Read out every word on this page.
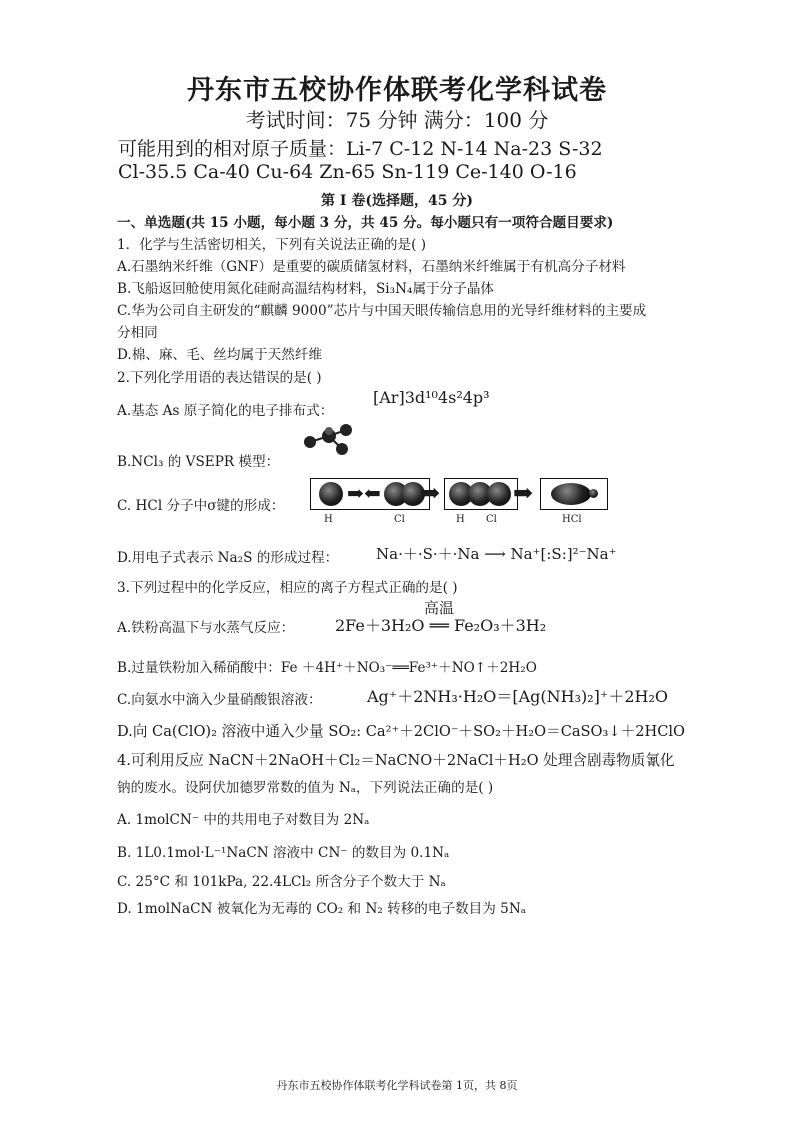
丹东市五校协作体联考化学科试卷
考试时间：75 分钟 满分：100 分
可能用到的相对原子质量：Li-7 C-12 N-14 Na-23 S-32
Cl-35.5 Ca-40 Cu-64 Zn-65 Sn-119 Ce-140 O-16
第 I 卷(选择题，45 分)
一、单选题(共 15 小题，每小题 3 分，共 45 分。每小题只有一项符合题目要求)
1．化学与生活密切相关，下列有关说法正确的是( )
A.石墨纳米纤维（GNF）是重要的碳质储氢材料，石墨纳米纤维属于有机高分子材料
B.飞船返回舱使用氮化硅耐高温结构材料，Si₃N₄属于分子晶体
C.华为公司自主研发的“麒麟 9000”芯片与中国天眼传输信息用的光导纤维材料的主要成
分相同
D.棉、麻、毛、丝均属于天然纤维
2.下列化学用语的表达错误的是( )
A.基态 As 原子简化的电子排布式：
[Ar]3d¹⁰4s²4p³
B.NCl₃ 的 VSEPR 模型：
C. HCl 分子中σ键的形成：
➡ ⬅ ➡	➡
H	Cl	H Cl	HCl
D.用电子式表示 Na₂S 的形成过程：	Na·＋·S·＋·Na ⟶ Na⁺[:S:]²⁻Na⁺
3.下列过程中的化学反应，相应的离子方程式正确的是( )
A.铁粉高温下与水蒸气反应：
高温
2Fe＋3H₂O ══ Fe₂O₃＋3H₂
B.过量铁粉加入稀硝酸中：Fe ＋4H⁺＋NO₃⁻══Fe³⁺＋NO↑＋2H₂O
C.向氨水中滴入少量硝酸银溶液：	Ag⁺＋2NH₃·H₂O＝[Ag(NH₃)₂]⁺＋2H₂O
D.向 Ca(ClO)₂ 溶液中通入少量 SO₂: Ca²⁺＋2ClO⁻＋SO₂＋H₂O＝CaSO₃↓＋2HClO
4.可利用反应 NaCN＋2NaOH＋Cl₂＝NaCNO＋2NaCl＋H₂O 处理含剧毒物质氰化
钠的废水。设阿伏加德罗常数的值为 Nₐ，下列说法正确的是( )
A. 1molCN⁻ 中的共用电子对数目为 2Nₐ
B. 1L0.1mol·L⁻¹NaCN 溶液中 CN⁻ 的数目为 0.1Nₐ
C. 25°C 和 101kPa, 22.4LCl₂ 所含分子个数大于 Nₐ
D. 1molNaCN 被氧化为无毒的 CO₂ 和 N₂ 转移的电子数目为 5Nₐ
丹东市五校协作体联考化学科试卷第 1页，共 8页
